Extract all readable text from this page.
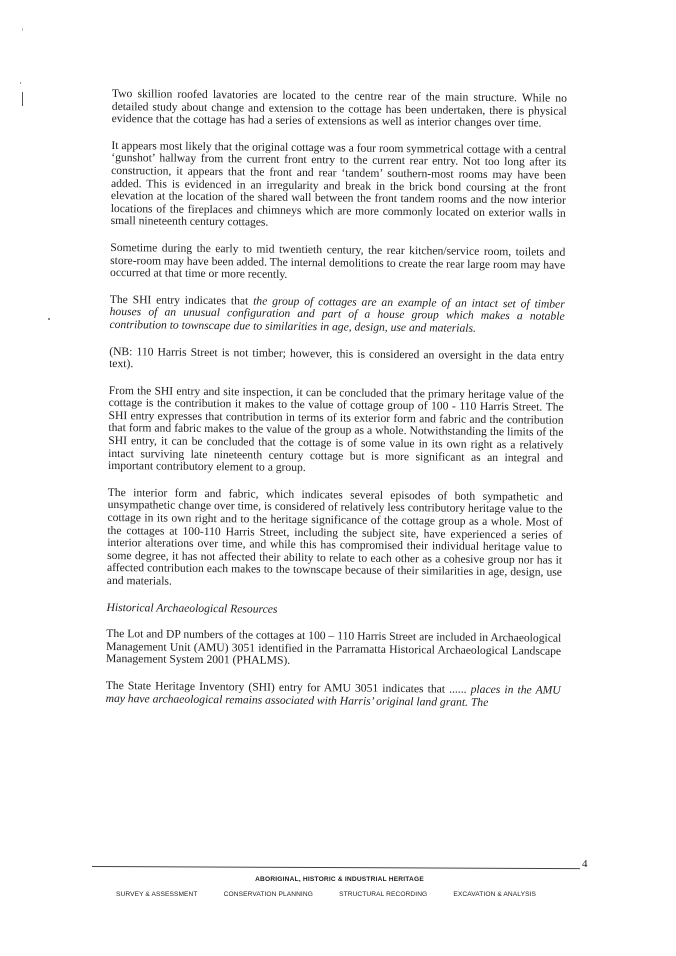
Two skillion roofed lavatories are located to the centre rear of the main structure. While no detailed study about change and extension to the cottage has been undertaken, there is physical evidence that the cottage has had a series of extensions as well as interior changes over time.

It appears most likely that the original cottage was a four room symmetrical cottage with a central ‘gunshot’ hallway from the current front entry to the current rear entry. Not too long after its construction, it appears that the front and rear ‘tandem’ southern-most rooms may have been added. This is evidenced in an irregularity and break in the brick bond coursing at the front elevation at the location of the shared wall between the front tandem rooms and the now interior locations of the fireplaces and chimneys which are more commonly located on exterior walls in small nineteenth century cottages.

Sometime during the early to mid twentieth century, the rear kitchen/service room, toilets and store-room may have been added. The internal demolitions to create the rear large room may have occurred at that time or more recently.

The SHI entry indicates that the group of cottages are an example of an intact set of timber houses of an unusual configuration and part of a house group which makes a notable contribution to townscape due to similarities in age, design, use and materials.

(NB: 110 Harris Street is not timber; however, this is considered an oversight in the data entry text).

From the SHI entry and site inspection, it can be concluded that the primary heritage value of the cottage is the contribution it makes to the value of cottage group of 100 - 110 Harris Street. The SHI entry expresses that contribution in terms of its exterior form and fabric and the contribution that form and fabric makes to the value of the group as a whole. Notwithstanding the limits of the SHI entry, it can be concluded that the cottage is of some value in its own right as a relatively intact surviving late nineteenth century cottage but is more significant as an integral and important contributory element to a group.

The interior form and fabric, which indicates several episodes of both sympathetic and unsympathetic change over time, is considered of relatively less contributory heritage value to the cottage in its own right and to the heritage significance of the cottage group as a whole. Most of the cottages at 100-110 Harris Street, including the subject site, have experienced a series of interior alterations over time, and while this has compromised their individual heritage value to some degree, it has not affected their ability to relate to each other as a cohesive group nor has it affected contribution each makes to the townscape because of their similarities in age, design, use and materials.

Historical Archaeological Resources

The Lot and DP numbers of the cottages at 100 – 110 Harris Street are included in Archaeological Management Unit (AMU) 3051 identified in the Parramatta Historical Archaeological Landscape Management System 2001 (PHALMS).

The State Heritage Inventory (SHI) entry for AMU 3051 indicates that ...... places in the AMU may have archaeological remains associated with Harris’ original land grant. The

4
ABORIGINAL, HISTORIC & INDUSTRIAL HERITAGE
SURVEY & ASSESSMENT	CONSERVATION PLANNING	STRUCTURAL RECORDING	EXCAVATION & ANALYSIS
